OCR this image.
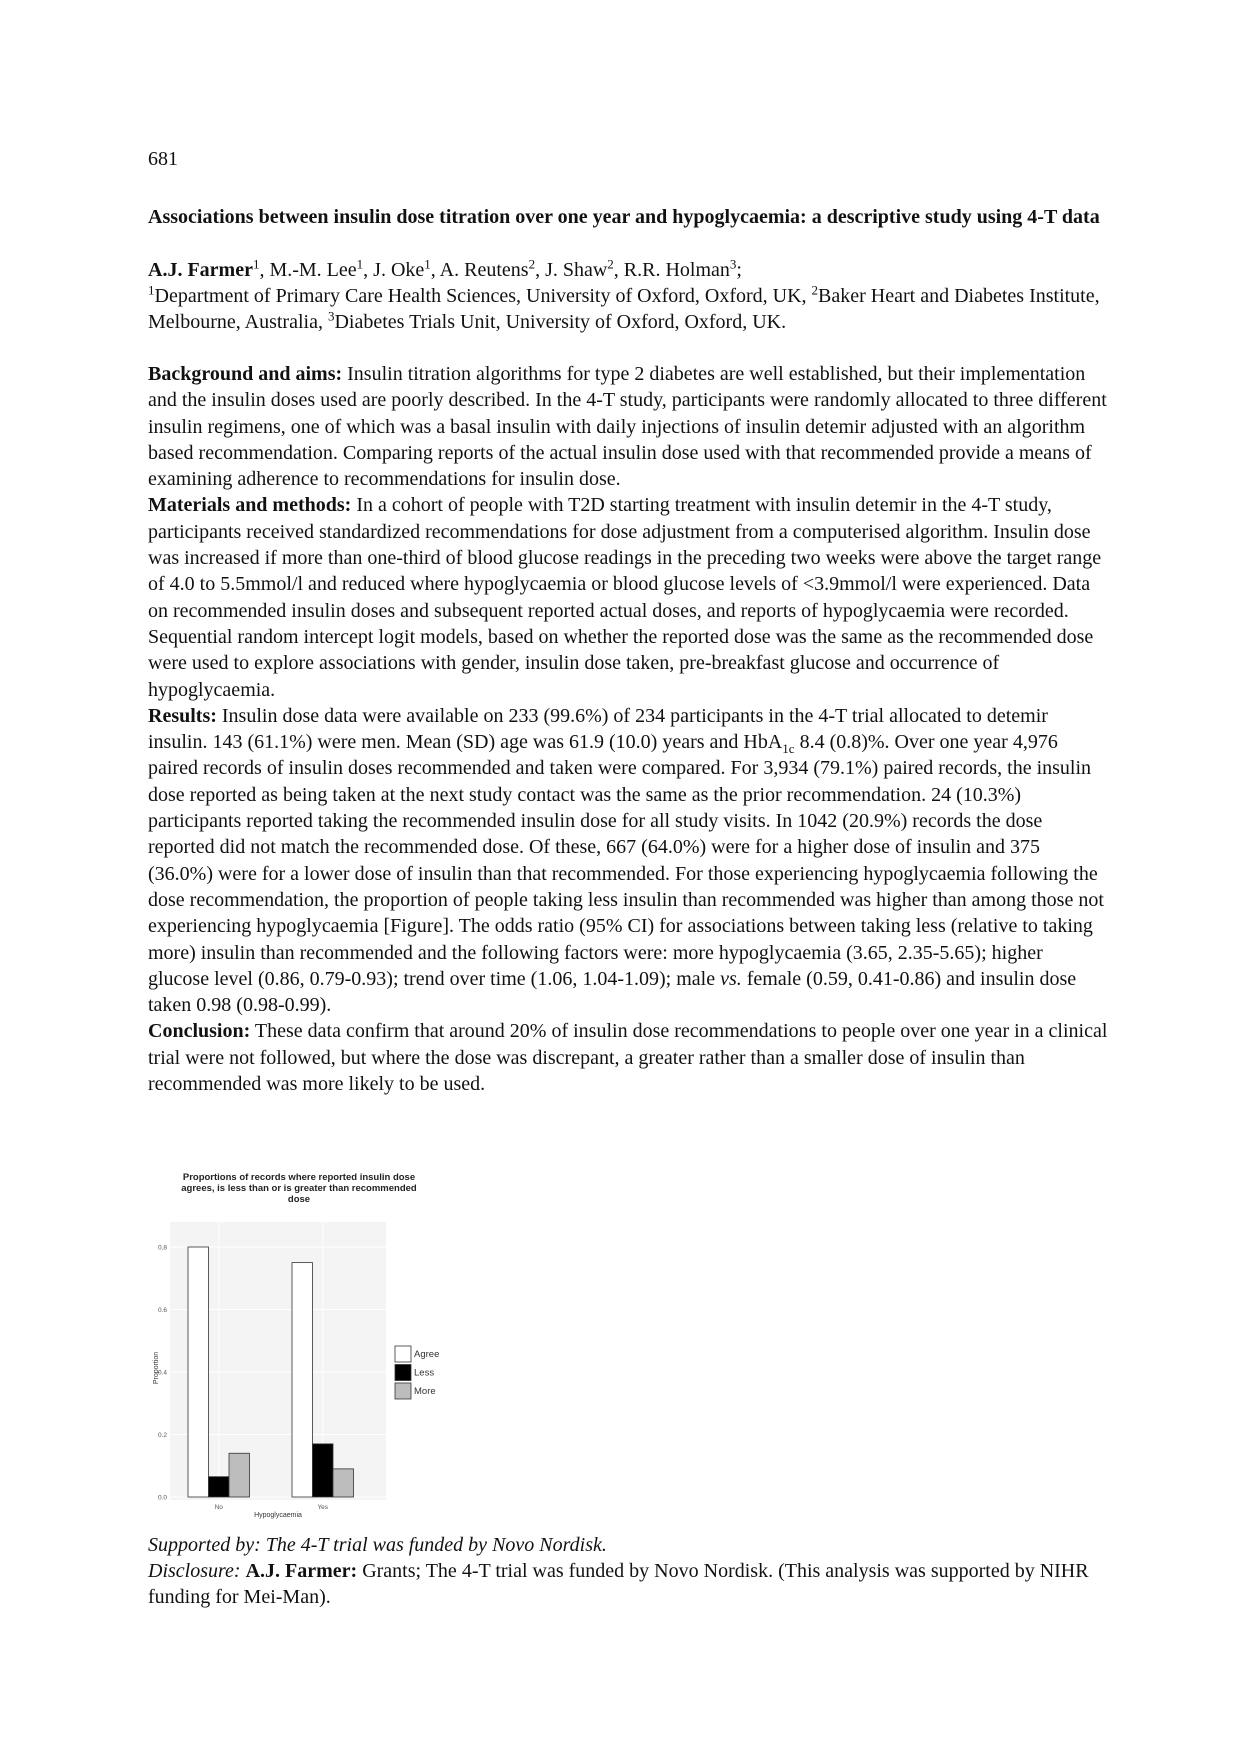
681
Associations between insulin dose titration over one year and hypoglycaemia: a descriptive study using 4-T data
A.J. Farmer$^1$, M.-M. Lee$^1$, J. Oke$^1$, A. Reutens$^2$, J. Shaw$^2$, R.R. Holman$^3$;
$^1$Department of Primary Care Health Sciences, University of Oxford, Oxford, UK, $^2$Baker Heart and Diabetes Institute, Melbourne, Australia, $^3$Diabetes Trials Unit, University of Oxford, Oxford, UK.

Background and aims: Insulin titration algorithms for type 2 diabetes are well established, but their implementation and the insulin doses used are poorly described. In the 4-T study, participants were randomly allocated to three different insulin regimens, one of which was a basal insulin with daily injections of insulin detemir adjusted with an algorithm based recommendation. Comparing reports of the actual insulin dose used with that recommended provide a means of examining adherence to recommendations for insulin dose.

Materials and methods: In a cohort of people with T2D starting treatment with insulin detemir in the 4-T study, participants received standardized recommendations for dose adjustment from a computerised algorithm. Insulin dose was increased if more than one-third of blood glucose readings in the preceding two weeks were above the target range of 4.0 to 5.5mmol/l and reduced where hypoglycaemia or blood glucose levels of <3.9mmol/l were experienced. Data on recommended insulin doses and subsequent reported actual doses, and reports of hypoglycaemia were recorded. Sequential random intercept logit models, based on whether the reported dose was the same as the recommended dose were used to explore associations with gender, insulin dose taken, pre-breakfast glucose and occurrence of hypoglycaemia.

Results: Insulin dose data were available on 233 (99.6%) of 234 participants in the 4-T trial allocated to detemir insulin. 143 (61.1%) were men. Mean (SD) age was 61.9 (10.0) years and HbA$_{1c}$ 8.4 (0.8)%. Over one year 4,976 paired records of insulin doses recommended and taken were compared. For 3,934 (79.1%) paired records, the insulin dose reported as being taken at the next study contact was the same as the prior recommendation. 24 (10.3%) participants reported taking the recommended insulin dose for all study visits. In 1042 (20.9%) records the dose reported did not match the recommended dose. Of these, 667 (64.0%) were for a higher dose of insulin and 375 (36.0%) were for a lower dose of insulin than that recommended. For those experiencing hypoglycaemia following the dose recommendation, the proportion of people taking less insulin than recommended was higher than among those not experiencing hypoglycaemia [Figure]. The odds ratio (95% CI) for associations between taking less (relative to taking more) insulin than recommended and the following factors were: more hypoglycaemia (3.65, 2.35-5.65); higher glucose level (0.86, 0.79-0.93); trend over time (1.06, 1.04-1.09); male vs. female (0.59, 0.41-0.86) and insulin dose taken 0.98 (0.98-0.99).

Conclusion: These data confirm that around 20% of insulin dose recommendations to people over one year in a clinical trial were not followed, but where the dose was discrepant, a greater rather than a smaller dose of insulin than recommended was more likely to be used.

Proportions of records where reported insulin dose agrees, is less than or is greater than recommended dose
0.0
0.2
0.4
0.6
0.8
No	Yes
Hypoglycaemia
Proportion	Agree
Less
More
Supported by: The 4-T trial was funded by Novo Nordisk.
Disclosure: A.J. Farmer: Grants; The 4-T trial was funded by Novo Nordisk. (This analysis was supported by NIHR funding for Mei-Man).
